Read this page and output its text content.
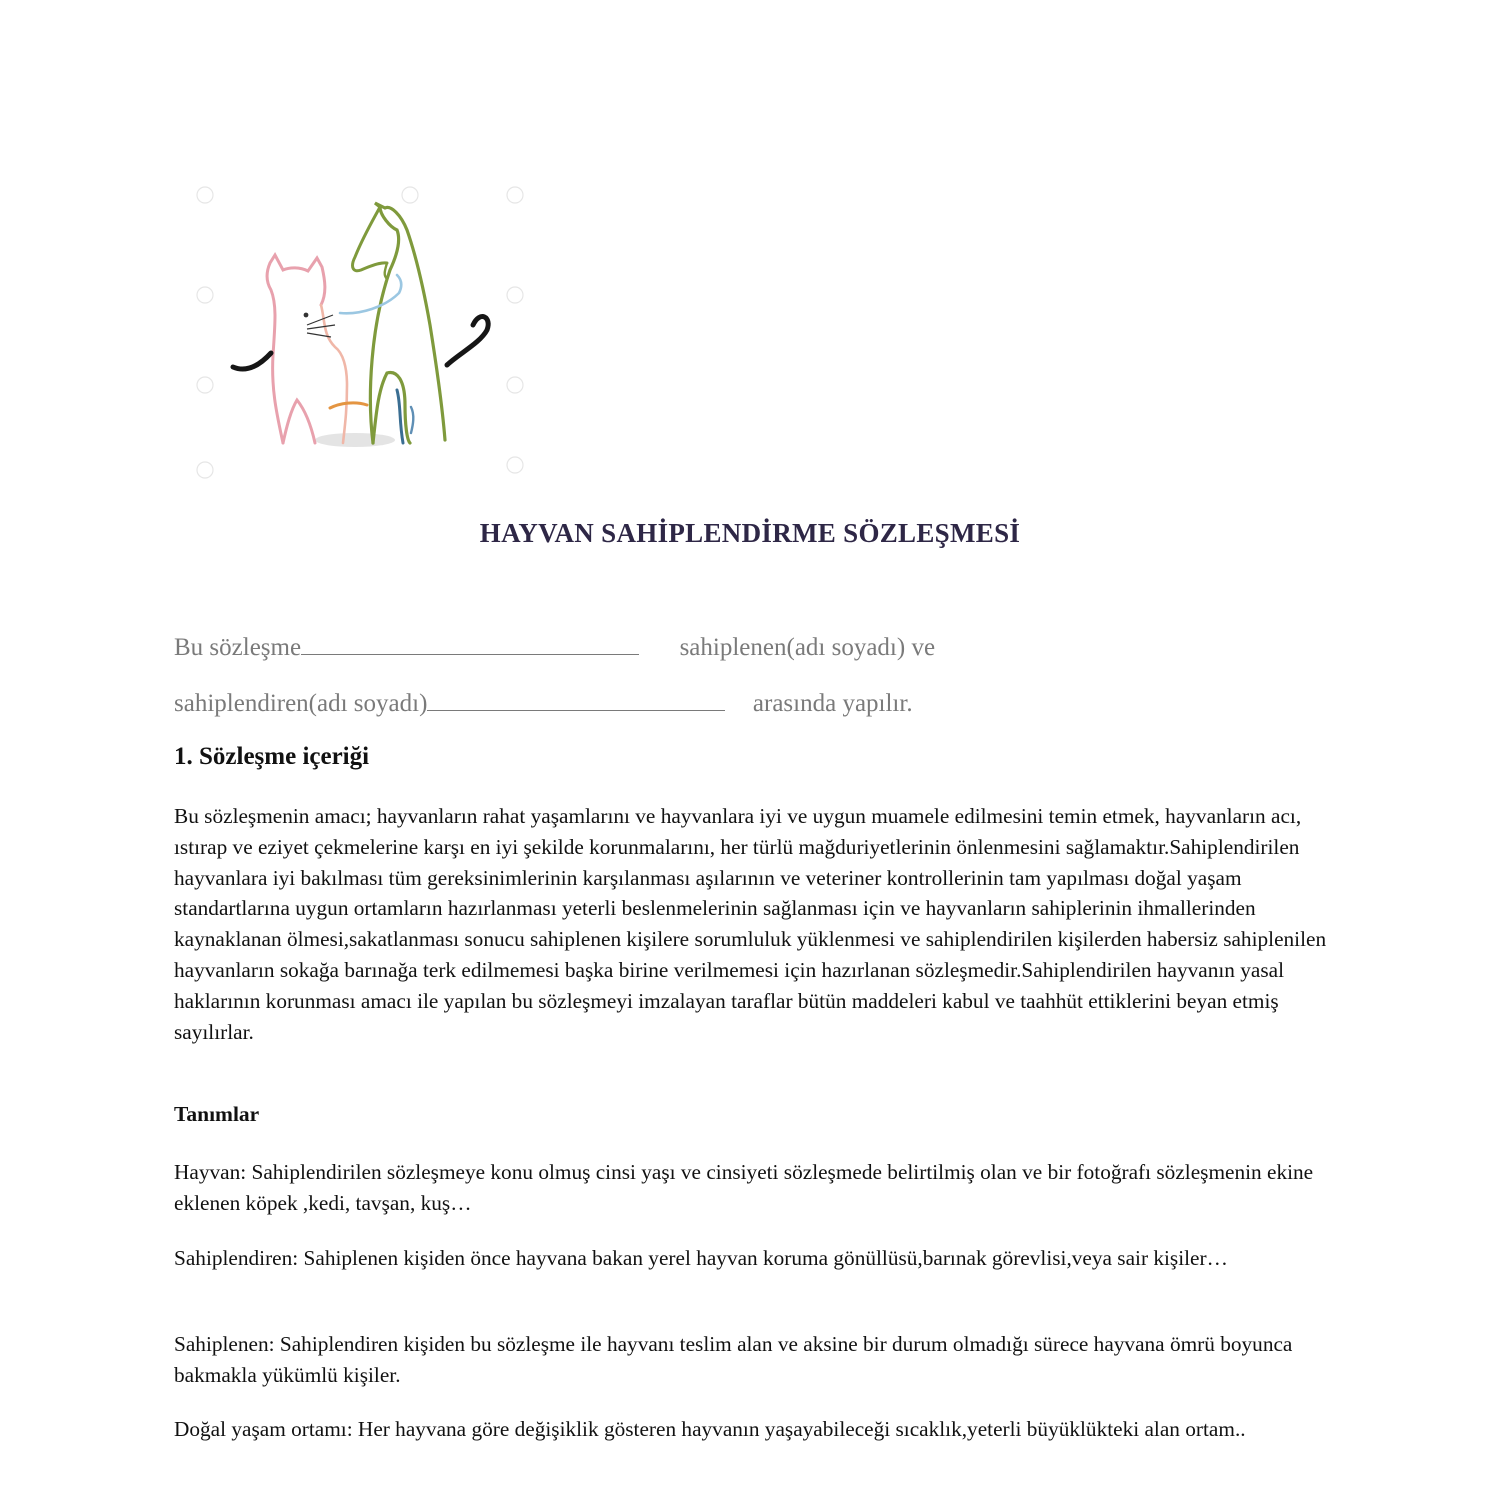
HAYVAN SAHİPLENDİRME SÖZLEŞMESİ
Bu sözleşme	sahiplenen(adı soyadı) ve
sahiplendiren(adı soyadı)	arasında yapılır.
1. Sözleşme içeriği

Bu sözleşmenin amacı; hayvanların rahat yaşamlarını ve hayvanlara iyi ve uygun muamele edilmesini temin etmek, hayvanların acı, ıstırap ve eziyet çekmelerine karşı en iyi şekilde korunmalarını, her türlü mağduriyetlerinin önlenmesini sağlamaktır.Sahiplendirilen hayvanlara iyi bakılması tüm gereksinimlerinin karşılanması aşılarının ve veteriner kontrollerinin tam yapılması doğal yaşam standartlarına uygun ortamların hazırlanması yeterli beslenmelerinin sağlanması için ve hayvanların sahiplerinin ihmallerinden kaynaklanan ölmesi,sakatlanması sonucu sahiplenen kişilere sorumluluk yüklenmesi ve sahiplendirilen kişilerden habersiz sahiplenilen hayvanların sokağa barınağa terk edilmemesi başka birine verilmemesi için hazırlanan sözleşmedir.Sahiplendirilen hayvanın yasal haklarının korunması amacı ile yapılan bu sözleşmeyi imzalayan taraflar bütün maddeleri kabul ve taahhüt ettiklerini beyan etmiş sayılırlar.

Tanımlar

Hayvan: Sahiplendirilen sözleşmeye konu olmuş cinsi yaşı ve cinsiyeti sözleşmede belirtilmiş olan ve bir fotoğrafı sözleşmenin ekine eklenen köpek ,kedi, tavşan, kuş…

Sahiplendiren: Sahiplenen kişiden önce hayvana bakan yerel hayvan koruma gönüllüsü,barınak görevlisi,veya sair kişiler…

Sahiplenen: Sahiplendiren kişiden bu sözleşme ile hayvanı teslim alan ve aksine bir durum olmadığı sürece hayvana ömrü boyunca bakmakla yükümlü kişiler.

Doğal yaşam ortamı: Her hayvana göre değişiklik gösteren hayvanın yaşayabileceği sıcaklık,yeterli büyüklükteki alan ortam..
